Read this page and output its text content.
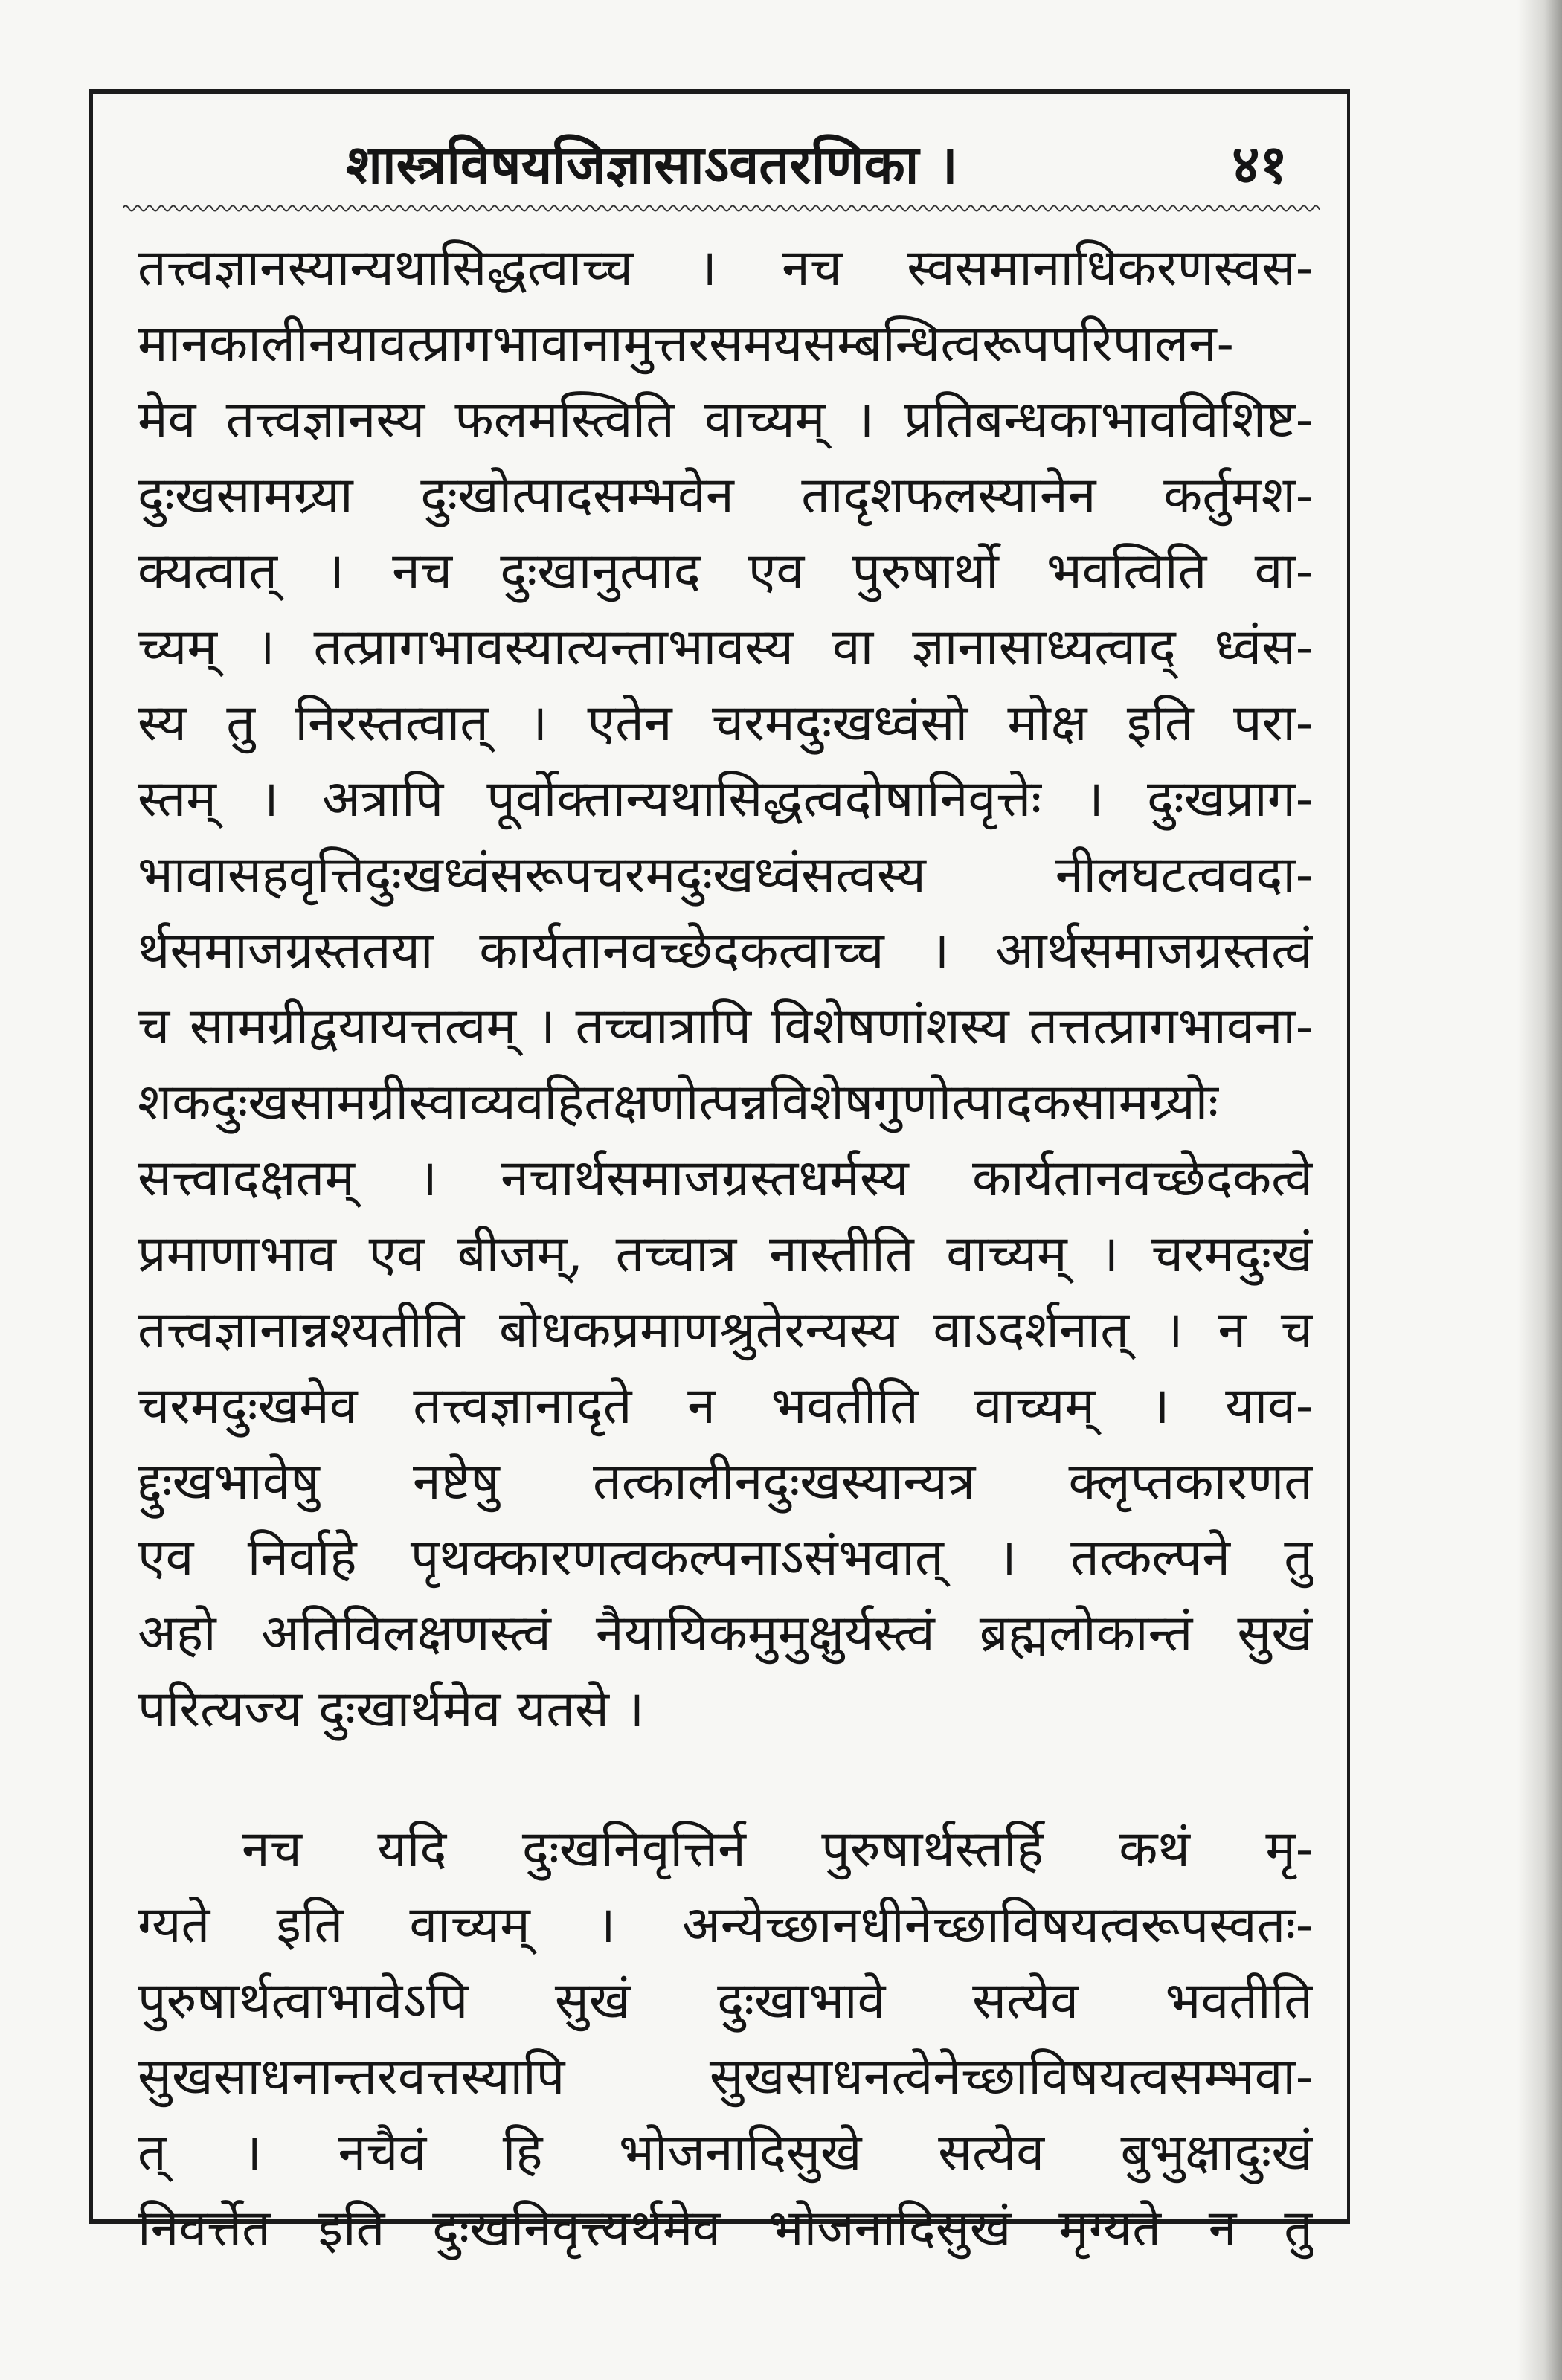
शास्त्रविषयजिज्ञासाऽवतरणिका ।	४१
तत्त्वज्ञानस्यान्यथासिद्धत्वाच्च । नच स्वसमानाधिकरणस्वस-
मानकालीनयावत्प्रागभावानामुत्तरसमयसम्बन्धित्वरूपपरिपालन-
मेव तत्त्वज्ञानस्य फलमस्त्विति वाच्यम् । प्रतिबन्धकाभावविशिष्ट-
दुःखसामग्र्या दुःखोत्पादसम्भवेन तादृशफलस्यानेन कर्तुमश-
क्यत्वात् । नच दुःखानुत्पाद एव पुरुषार्थो भवत्विति वा-
च्यम् । तत्प्रागभावस्यात्यन्ताभावस्य वा ज्ञानासाध्यत्वाद् ध्वंस-
स्य तु निरस्तत्वात् । एतेन चरमदुःखध्वंसो मोक्ष इति परा-
स्तम् । अत्रापि पूर्वोक्तान्यथासिद्धत्वदोषानिवृत्तेः । दुःखप्राग-
भावासहवृत्तिदुःखध्वंसरूपचरमदुःखध्वंसत्वस्य नीलघटत्ववदा-
र्थसमाजग्रस्ततया कार्यतानवच्छेदकत्वाच्च । आर्थसमाजग्रस्तत्वं
च सामग्रीद्वयायत्तत्वम् । तच्चात्रापि विशेषणांशस्य तत्तत्प्रागभावना-
शकदुःखसामग्रीस्वाव्यवहितक्षणोत्पन्नविशेषगुणोत्पादकसामग्र्योः
सत्त्वादक्षतम् । नचार्थसमाजग्रस्तधर्मस्य कार्यतानवच्छेदकत्वे
प्रमाणाभाव एव बीजम्, तच्चात्र नास्तीति वाच्यम् । चरमदुःखं
तत्त्वज्ञानान्नश्यतीति बोधकप्रमाणश्रुतेरन्यस्य वाऽदर्शनात् । न च
चरमदुःखमेव तत्त्वज्ञानादृते न भवतीति वाच्यम् । याव-
द्दुःखभावेषु नष्टेषु तत्कालीनदुःखस्यान्यत्र क्लृप्तकारणत
एव निर्वाहे पृथक्कारणत्वकल्पनाऽसंभवात् । तत्कल्पने तु
अहो अतिविलक्षणस्त्वं नैयायिकमुमुक्षुर्यस्त्वं ब्रह्मलोकान्तं सुखं
परित्यज्य दुःखार्थमेव यतसे ।
नच यदि दुःखनिवृत्तिर्न पुरुषार्थस्तर्हि कथं मृ-
ग्यते इति वाच्यम् । अन्येच्छानधीनेच्छाविषयत्वरूपस्वतः-
पुरुषार्थत्वाभावेऽपि सुखं दुःखाभावे सत्येव भवतीति
सुखसाधनान्तरवत्तस्यापि सुखसाधनत्वेनेच्छाविषयत्वसम्भवा-
त् । नचैवं हि भोजनादिसुखे सत्येव बुभुक्षादुःखं
निवर्त्तेत इति दुःखनिवृत्त्यर्थमेव भोजनादिसुखं मृग्यते न तु
